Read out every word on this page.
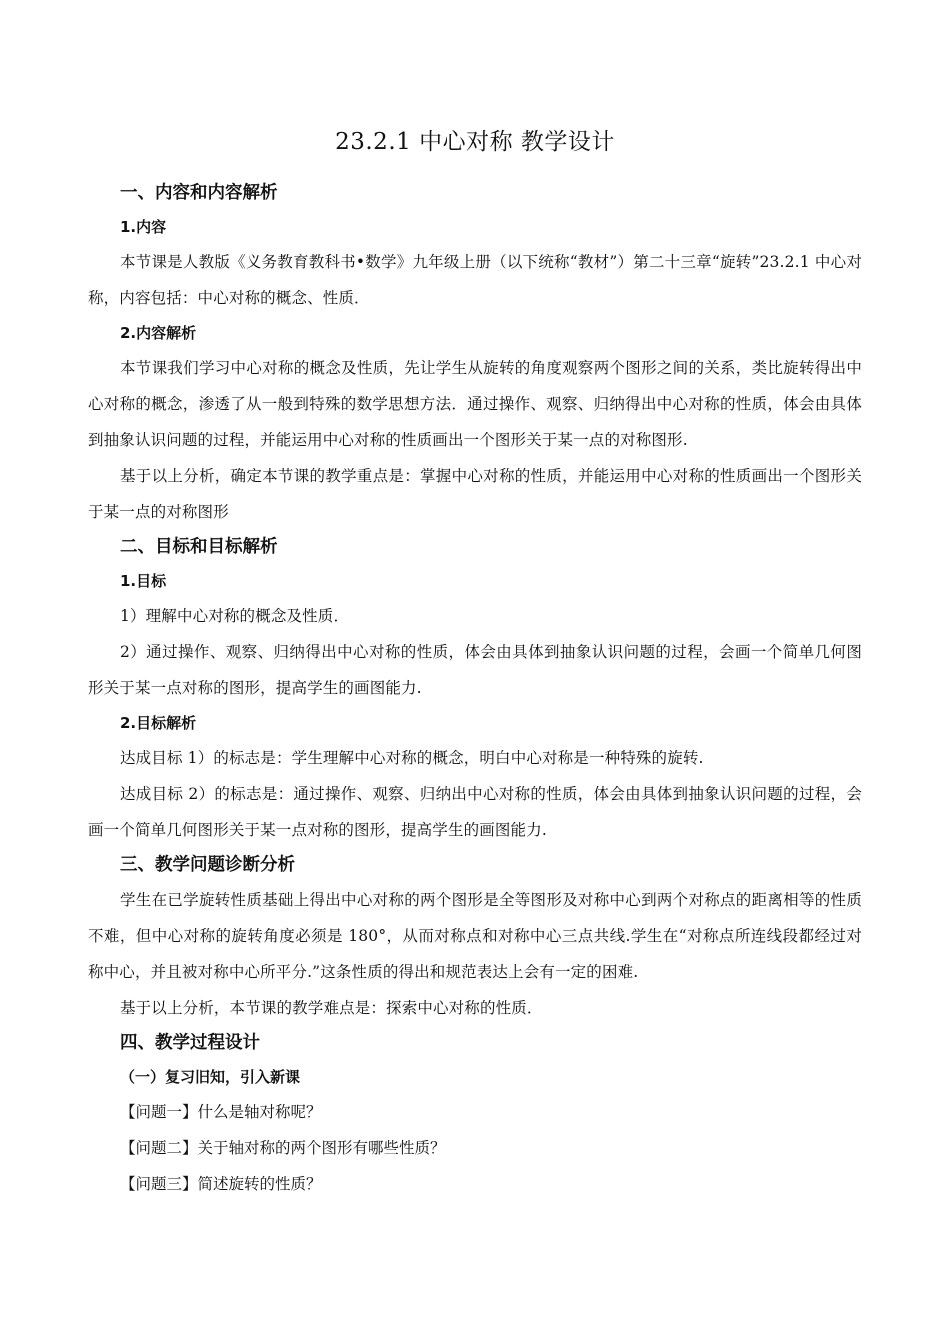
23.2.1 中心对称 教学设计
一、内容和内容解析
1.内容

本节课是人教版《义务教育教科书•数学》九年级上册（以下统称“教材”）第二十三章“旋转”23.2.1 中心对称，内容包括：中心对称的概念、性质．

2.内容解析

本节课我们学习中心对称的概念及性质，先让学生从旋转的角度观察两个图形之间的关系，类比旋转得出中心对称的概念，渗透了从一般到特殊的数学思想方法．通过操作、观察、归纳得出中心对称的性质，体会由具体到抽象认识问题的过程，并能运用中心对称的性质画出一个图形关于某一点的对称图形.

基于以上分析，确定本节课的教学重点是：掌握中心对称的性质，并能运用中心对称的性质画出一个图形关于某一点的对称图形

二、目标和目标解析
1.目标

1）理解中心对称的概念及性质．

2）通过操作、观察、归纳得出中心对称的性质，体会由具体到抽象认识问题的过程，会画一个简单几何图形关于某一点对称的图形，提高学生的画图能力.

2.目标解析

达成目标 1）的标志是：学生理解中心对称的概念，明白中心对称是一种特殊的旋转.

达成目标 2）的标志是：通过操作、观察、归纳出中心对称的性质，体会由具体到抽象认识问题的过程，会画一个简单几何图形关于某一点对称的图形，提高学生的画图能力.

三、教学问题诊断分析

学生在已学旋转性质基础上得出中心对称的两个图形是全等图形及对称中心到两个对称点的距离相等的性质不难，但中心对称的旋转角度必须是 180°，从而对称点和对称中心三点共线.学生在“对称点所连线段都经过对称中心，并且被对称中心所平分.”这条性质的得出和规范表达上会有一定的困难.

基于以上分析，本节课的教学难点是：探索中心对称的性质．

四、教学过程设计
（一）复习旧知，引入新课

【问题一】什么是轴对称呢？

【问题二】关于轴对称的两个图形有哪些性质？

【问题三】简述旋转的性质？
